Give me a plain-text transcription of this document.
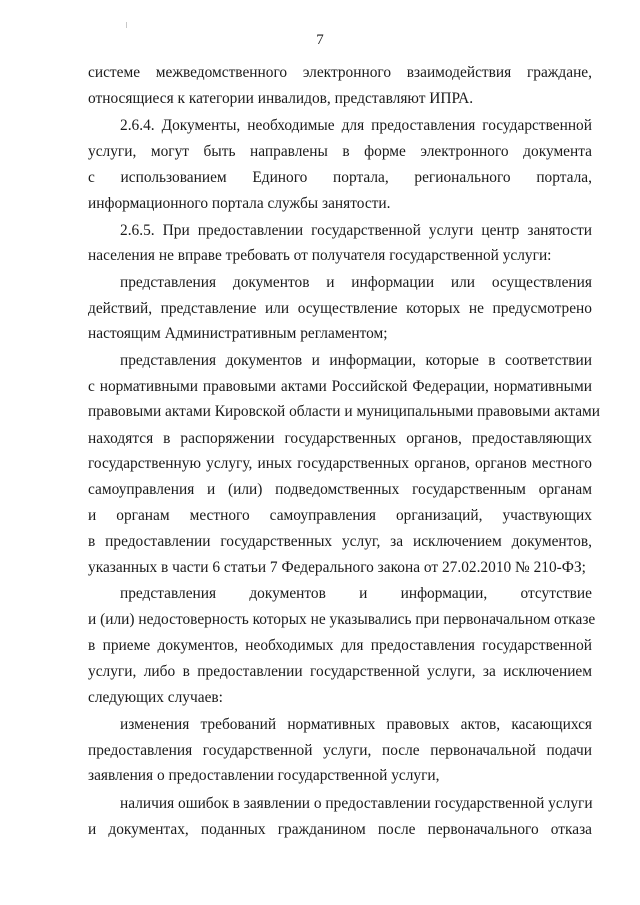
7
системе межведомственного электронного взаимодействия граждане,
относящиеся к категории инвалидов, представляют ИПРА.
2.6.4. Документы, необходимые для предоставления государственной
услуги, могут быть направлены в форме электронного документа
с использованием Единого портала, регионального портала,
информационного портала службы занятости.
2.6.5. При предоставлении государственной услуги центр занятости
населения не вправе требовать от получателя государственной услуги:
представления документов и информации или осуществления
действий, представление или осуществление которых не предусмотрено
настоящим Административным регламентом;
представления документов и информации, которые в соответствии
с нормативными правовыми актами Российской Федерации, нормативными
правовыми актами Кировской области и муниципальными правовыми актами
находятся в распоряжении государственных органов, предоставляющих
государственную услугу, иных государственных органов, органов местного
самоуправления и (или) подведомственных государственным органам
и органам местного самоуправления организаций, участвующих
в предоставлении государственных услуг, за исключением документов,
указанных в части 6 статьи 7 Федерального закона от 27.02.2010 № 210-ФЗ;
представления документов и информации, отсутствие
и (или) недостоверность которых не указывались при первоначальном отказе
в приеме документов, необходимых для предоставления государственной
услуги, либо в предоставлении государственной услуги, за исключением
следующих случаев:
изменения требований нормативных правовых актов, касающихся
предоставления государственной услуги, после первоначальной подачи
заявления о предоставлении государственной услуги,
наличия ошибок в заявлении о предоставлении государственной услуги
и документах, поданных гражданином после первоначального отказа
